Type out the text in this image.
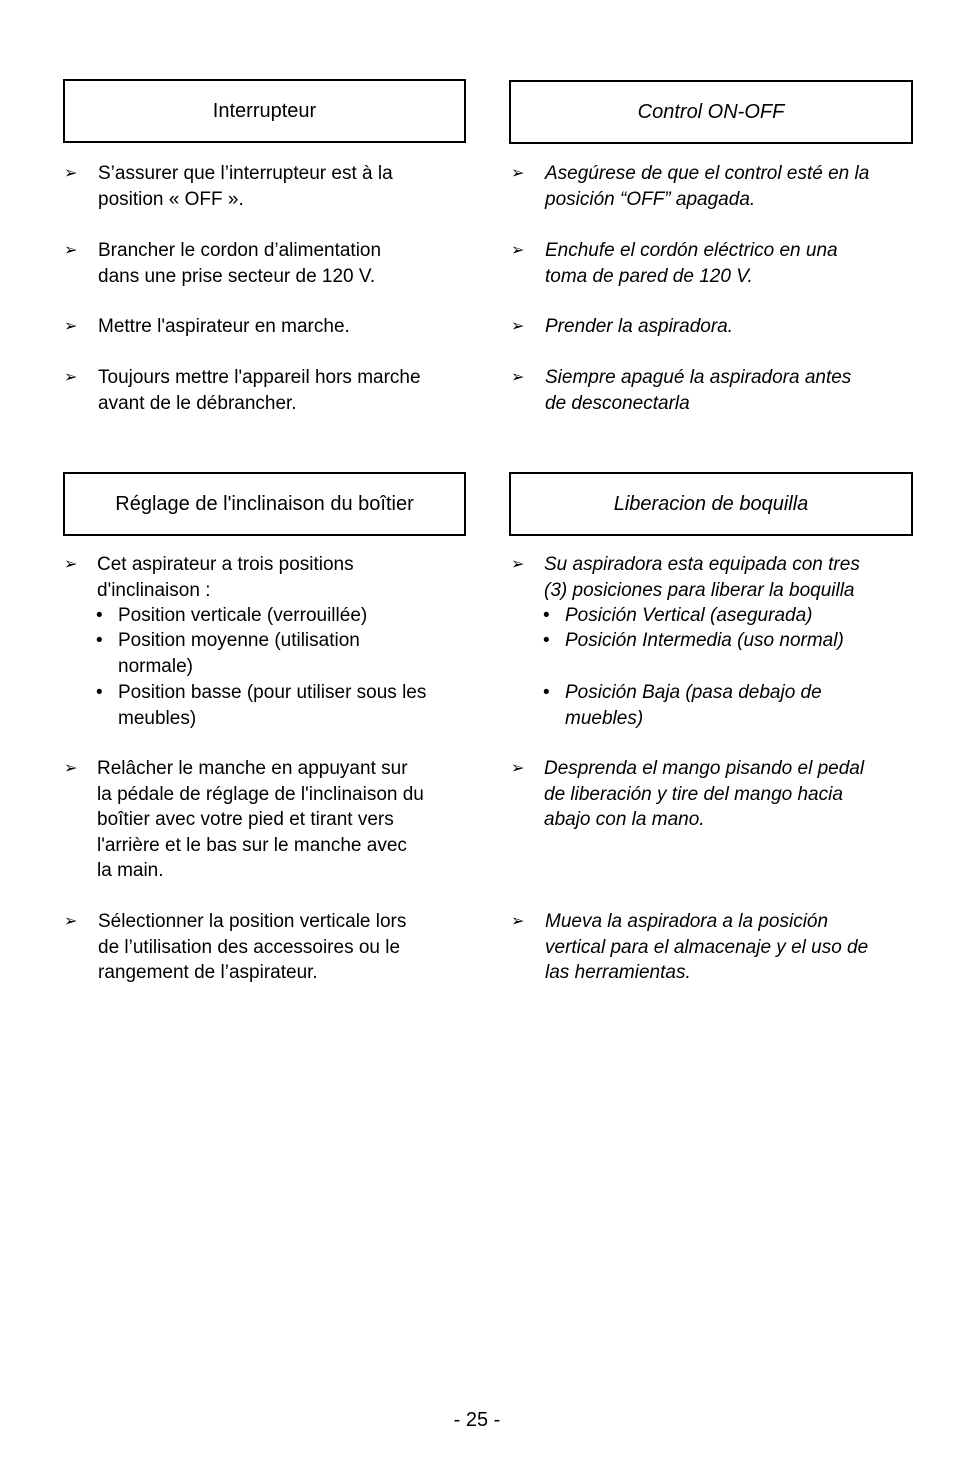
Interrupteur
➢ S’assurer que l’interrupteur est à la
position « OFF ».
➢ Brancher le cordon d’alimentation
dans une prise secteur de 120 V.
➢ Mettre l'aspirateur en marche.
➢ Toujours mettre l'appareil hors marche
avant de le débrancher.
Réglage de l'inclinaison du boîtier
➢ Cet aspirateur a trois positions
d'inclinaison :
• Position verticale (verrouillée)
• Position moyenne (utilisation
normale)
• Position basse (pour utiliser sous les
meubles)
➢ Relâcher le manche en appuyant sur
la pédale de réglage de l'inclinaison du
boîtier avec votre pied et tirant vers
l'arrière et le bas sur le manche avec
la main.
➢ Sélectionner la position verticale lors
de l’utilisation des accessoires ou le
rangement de l’aspirateur.
Control ON-OFF
➢ Asegúrese de que el control esté en la
posición “OFF” apagada.
➢ Enchufe el cordón eléctrico en una
toma de pared de 120 V.
➢ Prender la aspiradora.
➢ Siempre apagué la aspiradora antes
de desconectarla
Liberacion de boquilla
➢ Su aspiradora esta equipada con tres
(3) posiciones para liberar la boquilla
• Posición Vertical (asegurada)
• Posición Intermedia (uso normal)
• Posición Baja (pasa debajo de
muebles)
➢ Desprenda el mango pisando el pedal
de liberación y tire del mango hacia
abajo con la mano.
➢ Mueva la aspiradora a la posición
vertical para el almacenaje y el uso de
las herramientas.
- 25 -
